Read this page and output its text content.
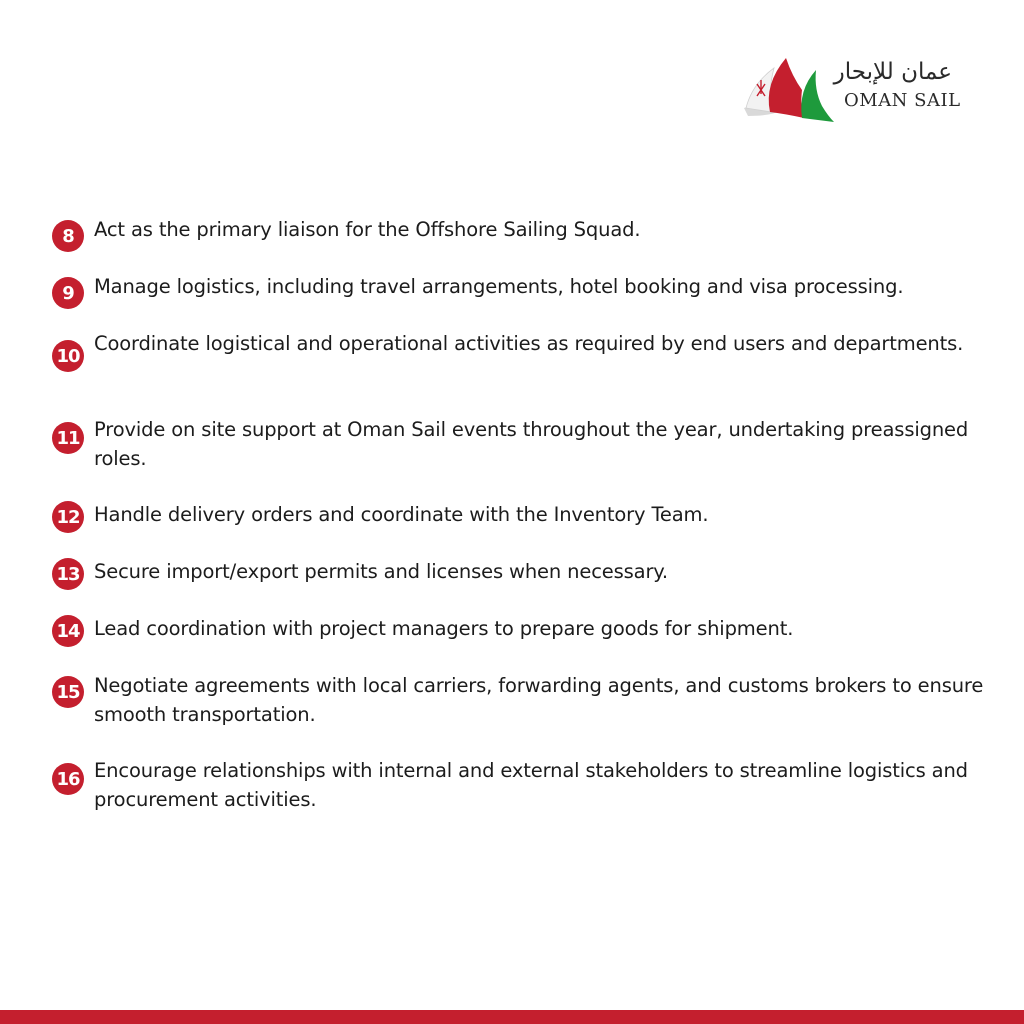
عمان للإبحار
OMAN SAIL
8	Act as the primary liaison for the Offshore Sailing Squad.
9	Manage logistics, including travel arrangements, hotel booking and visa processing.
10
Coordinate logistical and operational activities as required by end users and departments.
11 Provide on site support at Oman Sail events throughout the year, undertaking preassigned roles.
12 Handle delivery orders and coordinate with the Inventory Team.
13 Secure import/export permits and licenses when necessary.
14 Lead coordination with project managers to prepare goods for shipment.
15 Negotiate agreements with local carriers, forwarding agents, and customs brokers to ensure smooth transportation.
16 Encourage relationships with internal and external stakeholders to streamline logistics and procurement activities.
